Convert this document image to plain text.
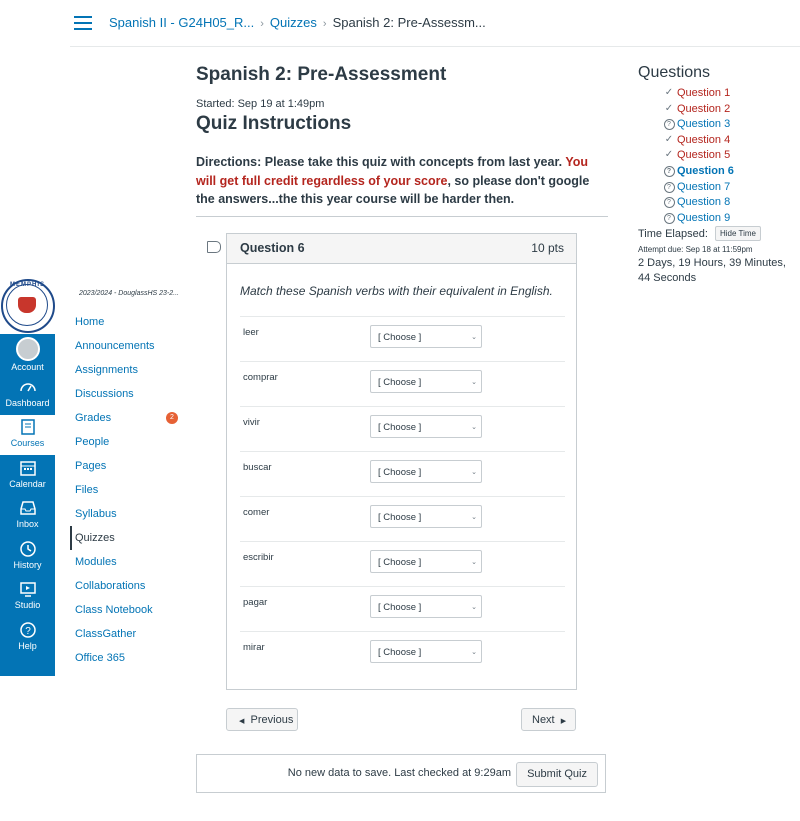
Spanish II - G24H05_R... › Quizzes › Spanish 2: Pre-Assessm...
MEMPHIS
Account
Dashboard
Courses
Calendar
Inbox
History
Studio
?
Help
2023/2024 - DouglassHS 23-2...
Home
Announcements
Assignments
Discussions
Grades	2
People
Pages
Files
Syllabus
Quizzes
Modules
Collaborations
Class Notebook
ClassGather
Office 365
Spanish 2: Pre-Assessment
Started: Sep 19 at 1:49pm
Quiz Instructions
Directions: Please take this quiz with concepts from last year. You will get full credit regardless of your score, so please don't google the answers...the this year course will be harder then.
Question 6	10 pts
Match these Spanish verbs with their equivalent in English.
leer	[ Choose ]	⌄
comprar	[ Choose ]	⌄
vivir	[ Choose ]	⌄
buscar	[ Choose ]	⌄
comer	[ Choose ]	⌄
escribir	[ Choose ]	⌄
pagar	[ Choose ]	⌄
mirar	[ Choose ]	⌄
◀ Previous	Next ▶
No new data to save. Last checked at 9:29am	Submit Quiz
Questions
✓ Question 1
✓ Question 2
? Question 3
✓ Question 4
✓ Question 5
? Question 6
? Question 7
? Question 8
? Question 9
Time Elapsed: Hide Time
Attempt due: Sep 18 at 11:59pm
2 Days, 19 Hours, 39 Minutes, 44 Seconds
